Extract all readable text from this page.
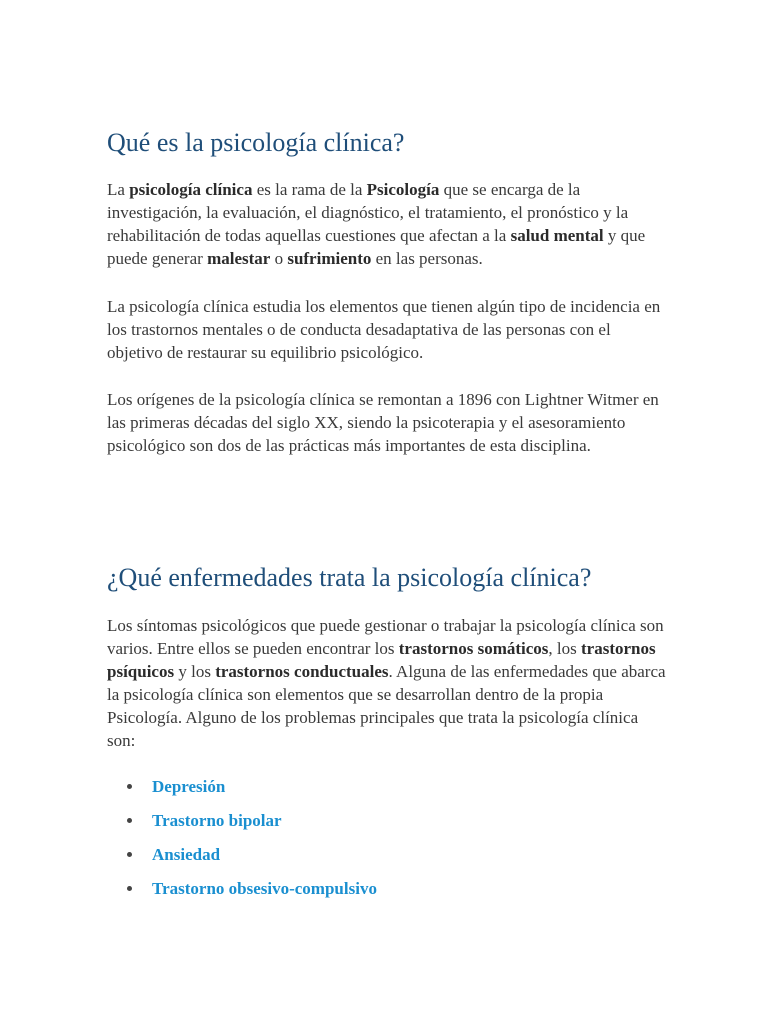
Qué es la psicología clínica?

La psicología clínica es la rama de la Psicología que se encarga de la investigación, la evaluación, el diagnóstico, el tratamiento, el pronóstico y la rehabilitación de todas aquellas cuestiones que afectan a la salud mental y que puede generar malestar o sufrimiento en las personas.

La psicología clínica estudia los elementos que tienen algún tipo de incidencia en los trastornos mentales o de conducta desadaptativa de las personas con el objetivo de restaurar su equilibrio psicológico.

Los orígenes de la psicología clínica se remontan a 1896 con Lightner Witmer en las primeras décadas del siglo XX, siendo la psicoterapia y el asesoramiento psicológico son dos de las prácticas más importantes de esta disciplina.

¿Qué enfermedades trata la psicología clínica?

Los síntomas psicológicos que puede gestionar o trabajar la psicología clínica son varios. Entre ellos se pueden encontrar los trastornos somáticos, los trastornos psíquicos y los trastornos conductuales. Alguna de las enfermedades que abarca la psicología clínica son elementos que se desarrollan dentro de la propia Psicología. Alguno de los problemas principales que trata la psicología clínica son:

Depresión
Trastorno bipolar
Ansiedad
Trastorno obsesivo-compulsivo
